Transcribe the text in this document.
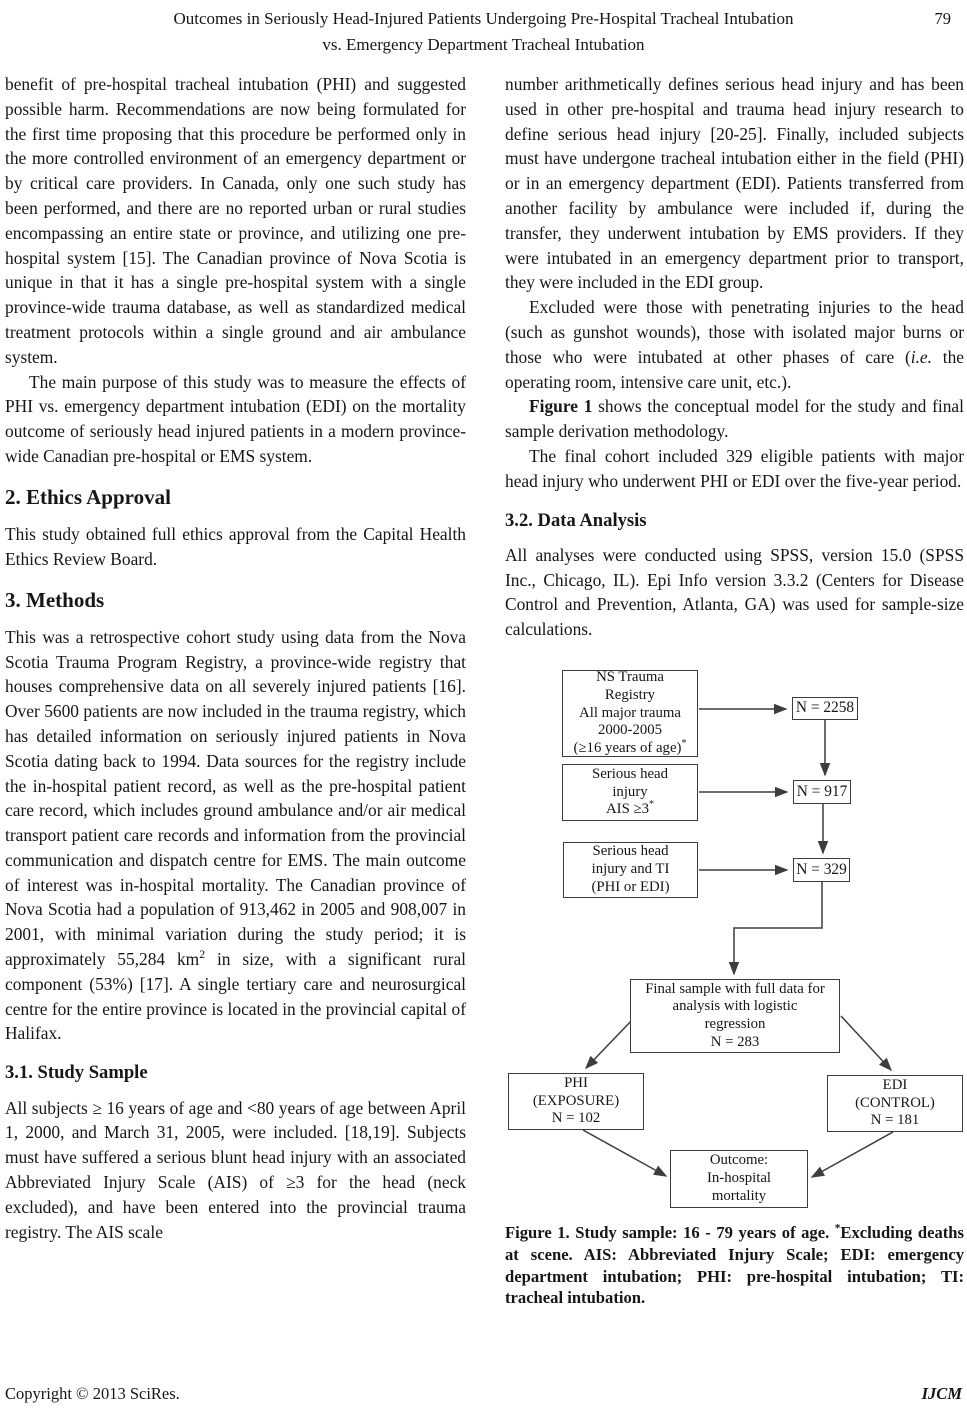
Outcomes in Seriously Head-Injured Patients Undergoing Pre-Hospital Tracheal Intubation
vs. Emergency Department Tracheal Intubation
79

benefit of pre-hospital tracheal intubation (PHI) and suggested possible harm. Recommendations are now being formulated for the first time proposing that this procedure be performed only in the more controlled environment of an emergency department or by critical care providers. In Canada, only one such study has been performed, and there are no reported urban or rural studies encompassing an entire state or province, and utilizing one pre-hospital system [15]. The Canadian province of Nova Scotia is unique in that it has a single pre-hospital system with a single province-wide trauma database, as well as standardized medical treatment protocols within a single ground and air ambulance system.

The main purpose of this study was to measure the effects of PHI vs. emergency department intubation (EDI) on the mortality outcome of seriously head injured patients in a modern province-wide Canadian pre-hospital or EMS system.

2. Ethics Approval

This study obtained full ethics approval from the Capital Health Ethics Review Board.

3. Methods

This was a retrospective cohort study using data from the Nova Scotia Trauma Program Registry, a province-wide registry that houses comprehensive data on all severely injured patients [16]. Over 5600 patients are now included in the trauma registry, which has detailed information on seriously injured patients in Nova Scotia dating back to 1994. Data sources for the registry include the in-hospital patient record, as well as the pre-hospital patient care record, which includes ground ambulance and/or air medical transport patient care records and information from the provincial communication and dispatch centre for EMS. The main outcome of interest was in-hospital mortality. The Canadian province of Nova Scotia had a population of 913,462 in 2005 and 908,007 in 2001, with minimal variation during the study period; it is approximately 55,284 $km^2$ in size, with a significant rural component (53%) [17]. A single tertiary care and neurosurgical centre for the entire province is located in the provincial capital of Halifax.

3.1. Study Sample

All subjects ≥ 16 years of age and <80 years of age between April 1, 2000, and March 31, 2005, were included. [18,19]. Subjects must have suffered a serious blunt head injury with an associated Abbreviated Injury Scale (AIS) of ≥3 for the head (neck excluded), and have been entered into the provincial trauma registry. The AIS scale

number arithmetically defines serious head injury and has been used in other pre-hospital and trauma head injury research to define serious head injury [20-25]. Finally, included subjects must have undergone tracheal intubation either in the field (PHI) or in an emergency department (EDI). Patients transferred from another facility by ambulance were included if, during the transfer, they underwent intubation by EMS providers. If they were intubated in an emergency department prior to transport, they were included in the EDI group.

Excluded were those with penetrating injuries to the head (such as gunshot wounds), those with isolated major burns or those who were intubated at other phases of care (i.e. the operating room, intensive care unit, etc.).

Figure 1 shows the conceptual model for the study and final sample derivation methodology.

The final cohort included 329 eligible patients with major head injury who underwent PHI or EDI over the five-year period.

3.2. Data Analysis

All analyses were conducted using SPSS, version 15.0 (SPSS Inc., Chicago, IL). Epi Info version 3.3.2 (Centers for Disease Control and Prevention, Atlanta, GA) was used for sample-size calculations.

NS Trauma
Registry
All major trauma
2000-2005
(≥16 years of age)*
N = 2258
Serious head
injury
AIS ≥3*
N = 917
Serious head
injury and TI
(PHI or EDI)
N = 329
Final sample with full data for
analysis with logistic
regression
N = 283
PHI
(EXPOSURE)
N = 102
EDI
(CONTROL)
N = 181
Outcome:
In-hospital
mortality
Figure 1. Study sample: 16 - 79 years of age. *Excluding deaths at scene. AIS: Abbreviated Injury Scale; EDI: emergency department intubation; PHI: pre-hospital intubation; TI: tracheal intubation.
Copyright © 2013 SciRes.	IJCM
